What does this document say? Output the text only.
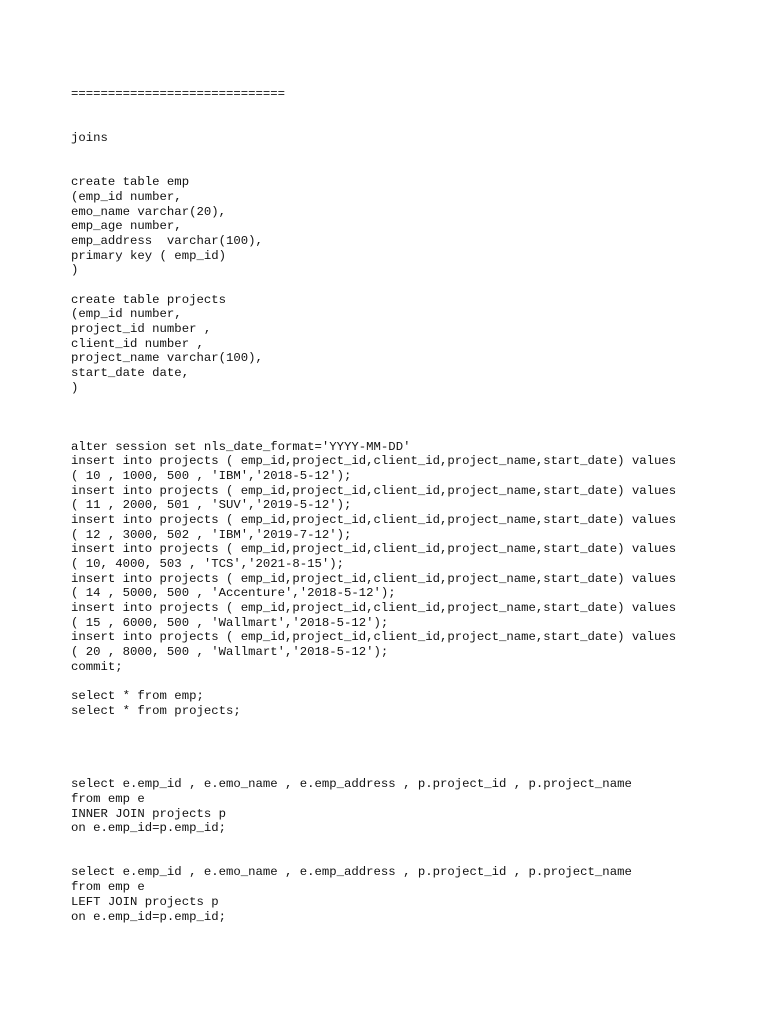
=============================
joins
create table emp
(emp_id number,
emo_name varchar(20),
emp_age number,
emp_address  varchar(100),
primary key ( emp_id)
)
create table projects
(emp_id number,
project_id number ,
client_id number ,
project_name varchar(100),
start_date date,
)
alter session set nls_date_format='YYYY-MM-DD'
insert into projects ( emp_id,project_id,client_id,project_name,start_date) values
( 10 , 1000, 500 , 'IBM','2018-5-12');
insert into projects ( emp_id,project_id,client_id,project_name,start_date) values
( 11 , 2000, 501 , 'SUV','2019-5-12');
insert into projects ( emp_id,project_id,client_id,project_name,start_date) values
( 12 , 3000, 502 , 'IBM','2019-7-12');
insert into projects ( emp_id,project_id,client_id,project_name,start_date) values
( 10, 4000, 503 , 'TCS','2021-8-15');
insert into projects ( emp_id,project_id,client_id,project_name,start_date) values
( 14 , 5000, 500 , 'Accenture','2018-5-12');
insert into projects ( emp_id,project_id,client_id,project_name,start_date) values
( 15 , 6000, 500 , 'Wallmart','2018-5-12');
insert into projects ( emp_id,project_id,client_id,project_name,start_date) values
( 20 , 8000, 500 , 'Wallmart','2018-5-12');
commit;
select * from emp;
select * from projects;
select e.emp_id , e.emo_name , e.emp_address , p.project_id , p.project_name
from emp e
INNER JOIN projects p
on e.emp_id=p.emp_id;
select e.emp_id , e.emo_name , e.emp_address , p.project_id , p.project_name
from emp e
LEFT JOIN projects p
on e.emp_id=p.emp_id;
